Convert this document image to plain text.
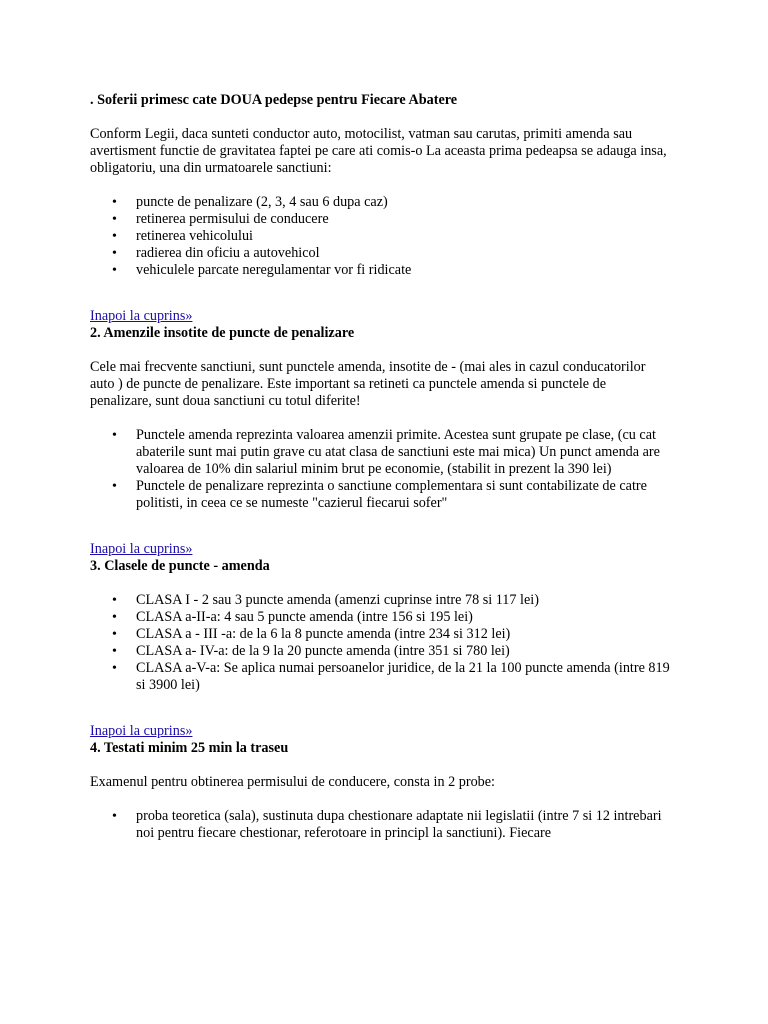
. Soferii primesc cate DOUA pedepse pentru Fiecare Abatere

Conform Legii, daca sunteti conductor auto, motocilist, vatman sau carutas, primiti amenda sau avertisment functie de gravitatea faptei pe care ati comis-o La aceasta prima pedeapsa se adauga insa, obligatoriu, una din urmatoarele sanctiuni:

• puncte de penalizare (2, 3, 4 sau 6 dupa caz)
• retinerea permisului de conducere
• retinerea vehicolului
• radierea din oficiu a autovehicol
• vehiculele parcate neregulamentar vor fi ridicate
Inapoi la cuprins»

2. Amenzile insotite de puncte de penalizare

Cele mai frecvente sanctiuni, sunt punctele amenda, insotite de - (mai ales in cazul conducatorilor auto ) de puncte de penalizare. Este important sa retineti ca punctele amenda si punctele de penalizare, sunt doua sanctiuni cu totul diferite!

• Punctele amenda reprezinta valoarea amenzii primite. Acestea sunt grupate pe clase, (cu cat abaterile sunt mai putin grave cu atat clasa de sanctiuni este mai mica) Un punct amenda are valoarea de 10% din salariul minim brut pe economie, (stabilit in prezent la 390 lei)
• Punctele de penalizare reprezinta o sanctiune complementara si sunt contabilizate de catre politisti, in ceea ce se numeste "cazierul fiecarui sofer"
Inapoi la cuprins»

3. Clasele de puncte - amenda

• CLASA I - 2 sau 3 puncte amenda (amenzi cuprinse intre 78 si 117 lei)
• CLASA a-II-a: 4 sau 5 puncte amenda (intre 156 si 195 lei)
• CLASA a - III -a: de la 6 la 8 puncte amenda (intre 234 si 312 lei)
• CLASA a- IV-a: de la 9 la 20 puncte amenda (intre 351 si 780 lei)
• CLASA a-V-a: Se aplica numai persoanelor juridice, de la 21 la 100 puncte amenda (intre 819 si 3900 lei)
Inapoi la cuprins»

4. Testati minim 25 min la traseu

Examenul pentru obtinerea permisului de conducere, consta in 2 probe:

• proba teoretica (sala), sustinuta dupa chestionare adaptate nii legislatii (intre 7 si 12 intrebari noi pentru fiecare chestionar, referotoare in principl la sanctiuni). Fiecare
